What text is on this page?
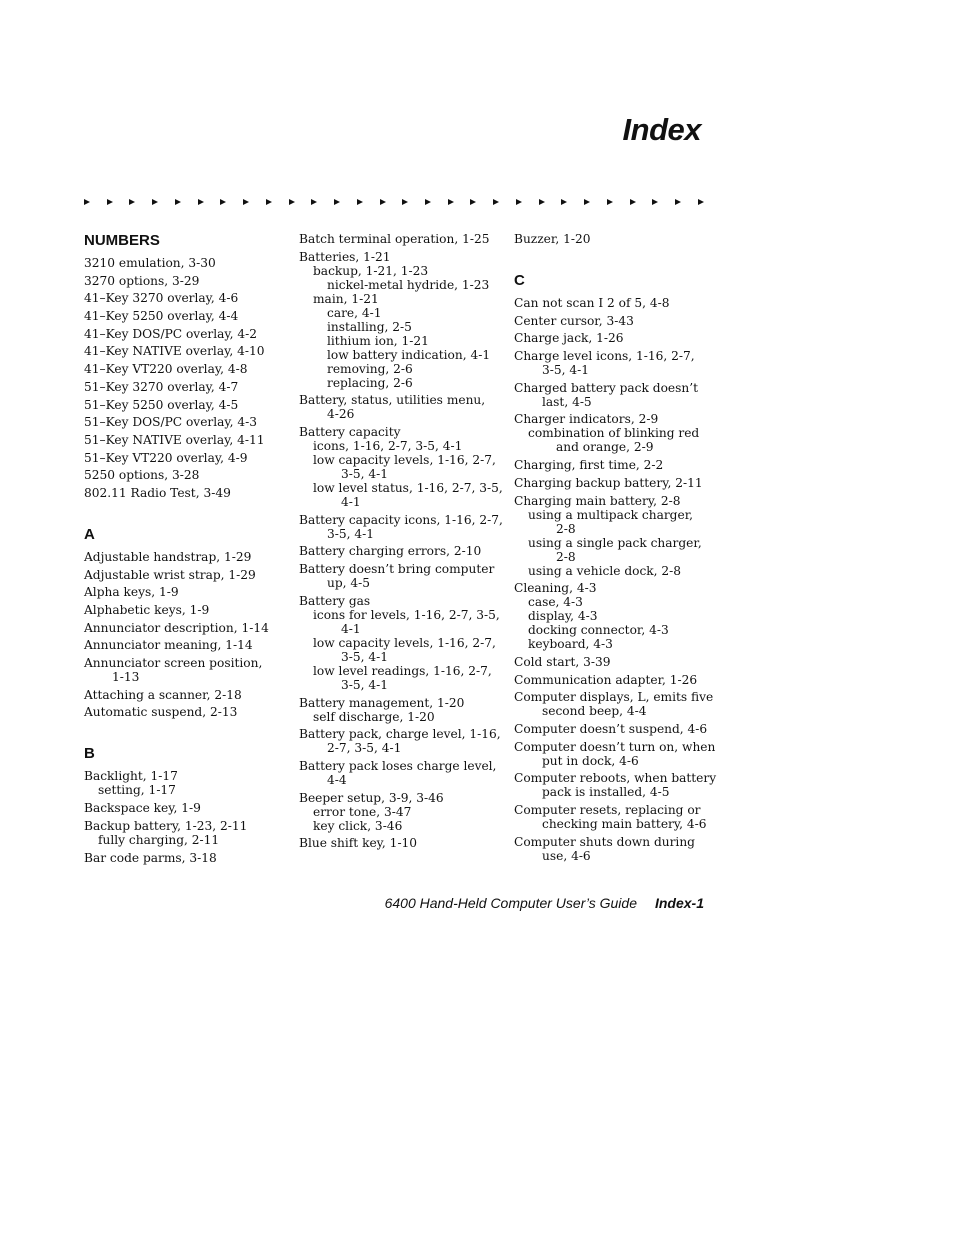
Index
NUMBERS
3210 emulation, 3-30
3270 options, 3-29
41–Key 3270 overlay, 4-6
41–Key 5250 overlay, 4-4
41–Key DOS/PC overlay, 4-2
41–Key NATIVE overlay, 4-10
41–Key VT220 overlay, 4-8
51–Key 3270 overlay, 4-7
51–Key 5250 overlay, 4-5
51–Key DOS/PC overlay, 4-3
51–Key NATIVE overlay, 4-11
51–Key VT220 overlay, 4-9
5250 options, 3-28
802.11 Radio Test, 3-49
A
Adjustable handstrap, 1-29
Adjustable wrist strap, 1-29
Alpha keys, 1-9
Alphabetic keys, 1-9
Annunciator description, 1-14
Annunciator meaning, 1-14
Annunciator screen position,
1-13
Attaching a scanner, 2-18
Automatic suspend, 2-13
B
Backlight, 1-17
setting, 1-17
Backspace key, 1-9
Backup battery, 1-23, 2-11
fully charging, 2-11
Bar code parms, 3-18
Batch terminal operation, 1-25
Batteries, 1-21
backup, 1-21, 1-23
nickel-metal hydride, 1-23
main, 1-21
care, 4-1
installing, 2-5
lithium ion, 1-21
low battery indication, 4-1
removing, 2-6
replacing, 2-6
Battery, status, utilities menu,
4-26
Battery capacity
icons, 1-16, 2-7, 3-5, 4-1
low capacity levels, 1-16, 2-7,
3-5, 4-1
low level status, 1-16, 2-7, 3-5,
4-1
Battery capacity icons, 1-16, 2-7,
3-5, 4-1
Battery charging errors, 2-10
Battery doesn’t bring computer
up, 4-5
Battery gas
icons for levels, 1-16, 2-7, 3-5,
4-1
low capacity levels, 1-16, 2-7,
3-5, 4-1
low level readings, 1-16, 2-7,
3-5, 4-1
Battery management, 1-20
self discharge, 1-20
Battery pack, charge level, 1-16,
2-7, 3-5, 4-1
Battery pack loses charge level,
4-4
Beeper setup, 3-9, 3-46
error tone, 3-47
key click, 3-46
Blue shift key, 1-10
Buzzer, 1-20
C
Can not scan I 2 of 5, 4-8
Center cursor, 3-43
Charge jack, 1-26
Charge level icons, 1-16, 2-7,
3-5, 4-1
Charged battery pack doesn’t
last, 4-5
Charger indicators, 2-9
combination of blinking red
and orange, 2-9
Charging, first time, 2-2
Charging backup battery, 2-11
Charging main battery, 2-8
using a multipack charger,
2-8
using a single pack charger,
2-8
using a vehicle dock, 2-8
Cleaning, 4-3
case, 4-3
display, 4-3
docking connector, 4-3
keyboard, 4-3
Cold start, 3-39
Communication adapter, 1-26
Computer displays, L, emits five
second beep, 4-4
Computer doesn’t suspend, 4-6
Computer doesn’t turn on, when
put in dock, 4-6
Computer reboots, when battery
pack is installed, 4-5
Computer resets, replacing or
checking main battery, 4-6
Computer shuts down during
use, 4-6
6400 Hand-Held Computer User’s Guide Index-1
